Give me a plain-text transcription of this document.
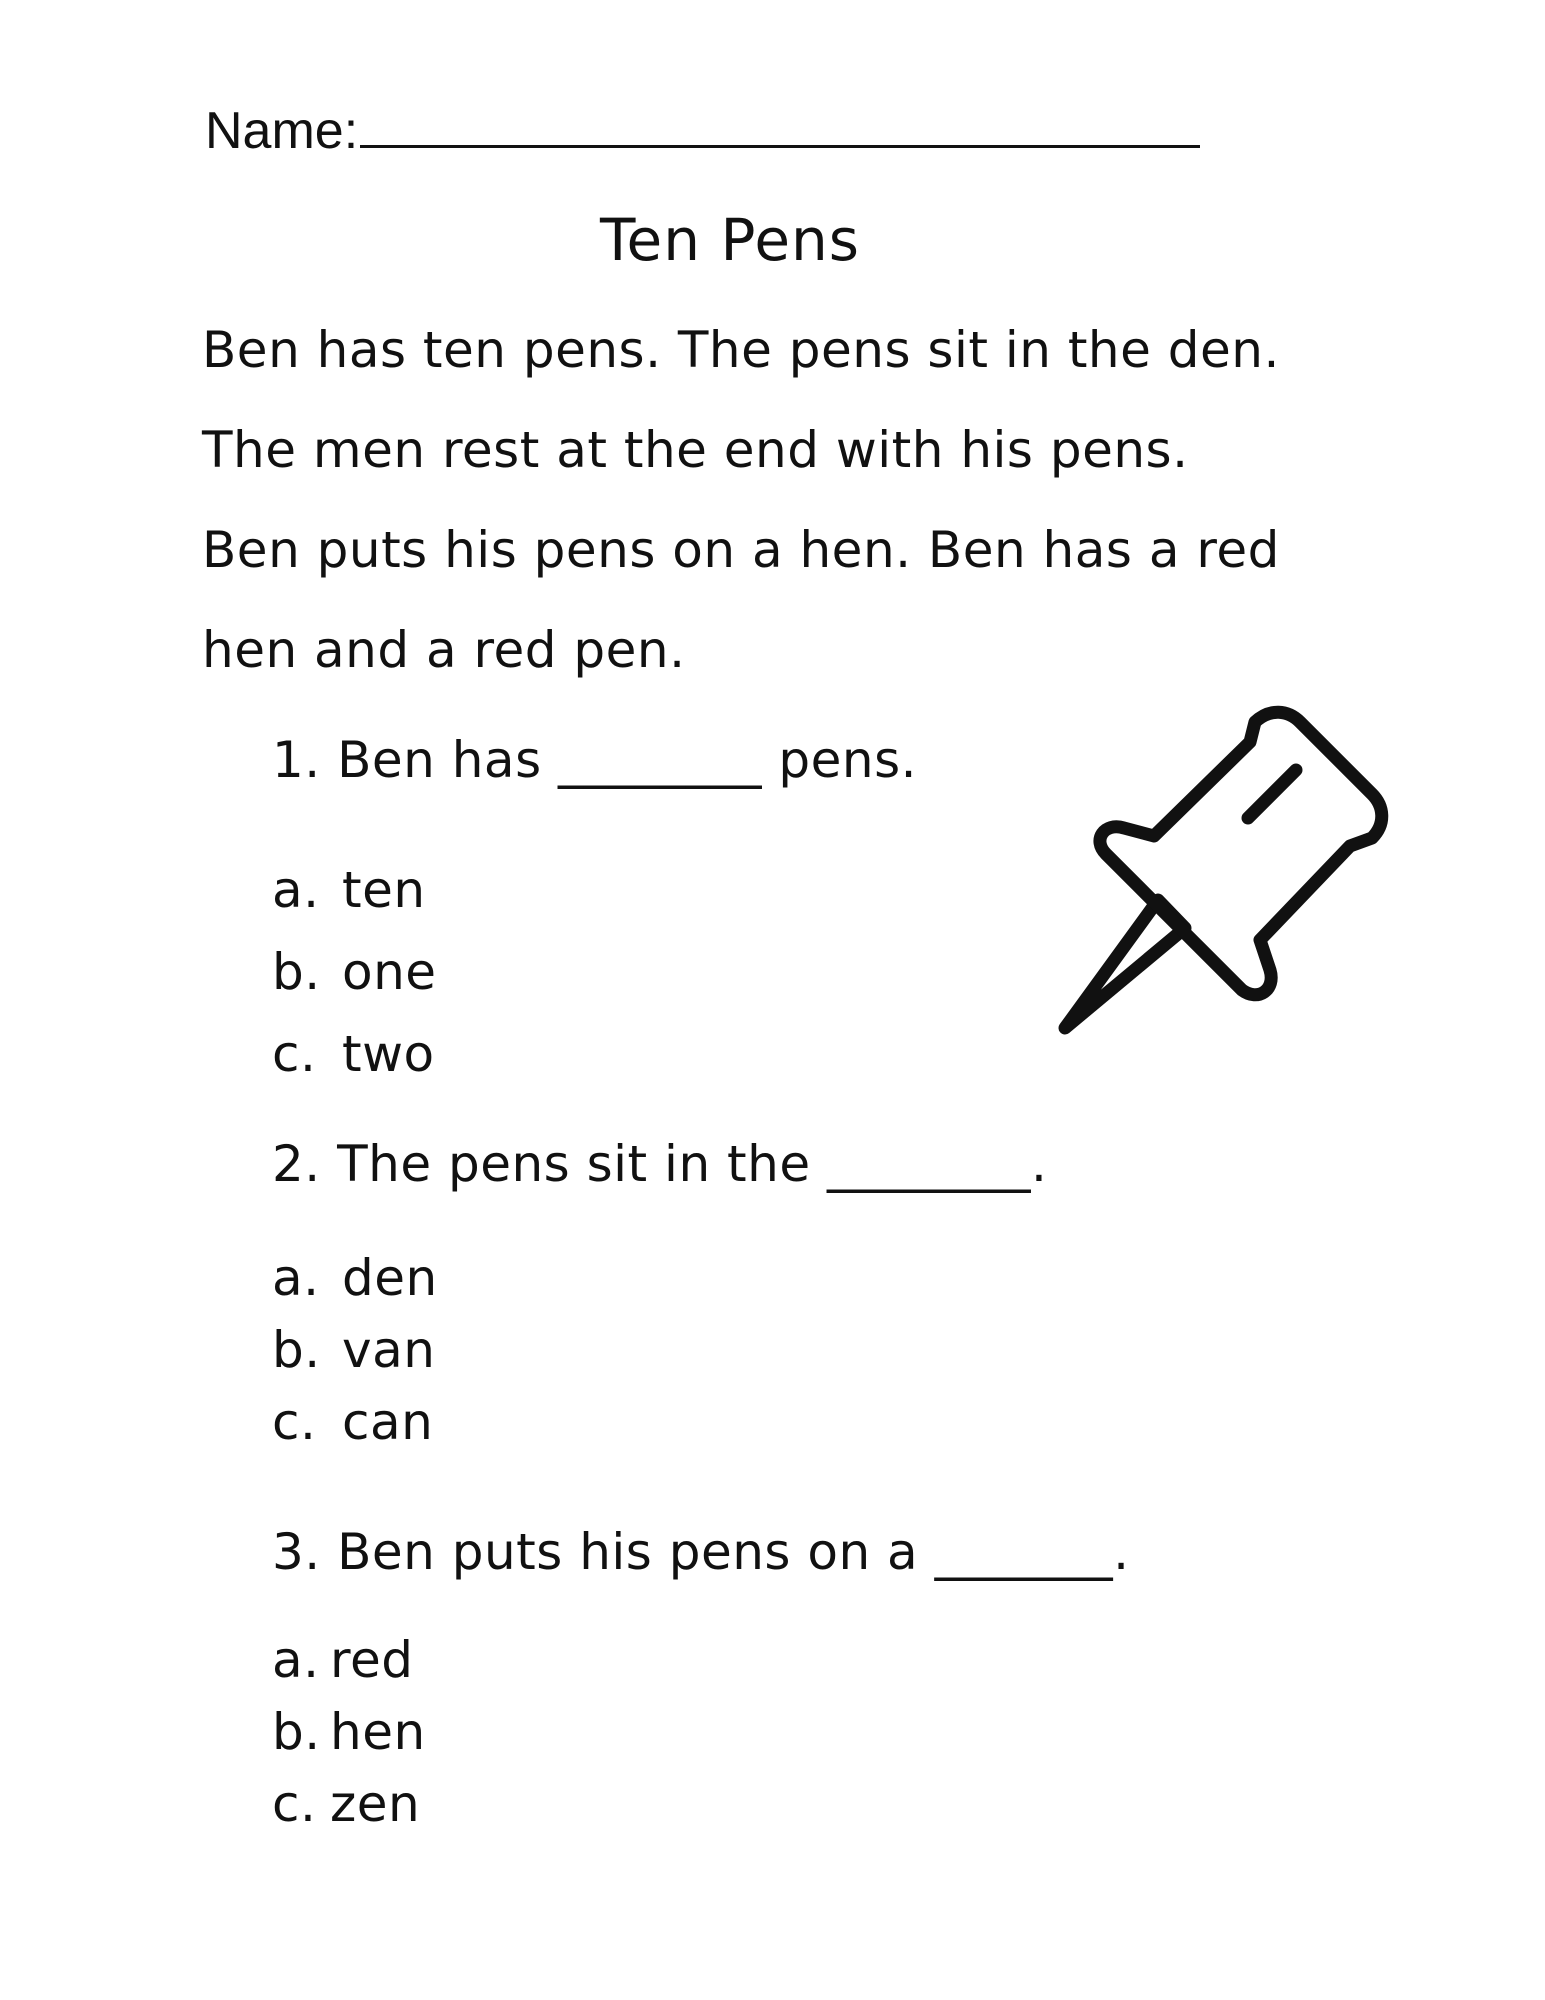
Name:
Ten Pens
Ben has ten pens. The pens sit in the den.
The men rest at the end with his pens.
Ben puts his pens on a hen. Ben has a red
hen and a red pen.
1. Ben has ________ pens.
a. ten
b. one
c. two
2. The pens sit in the ________.
a. den
b. van
c. can
3. Ben puts his pens on a _______.
a. red
b. hen
c. zen
